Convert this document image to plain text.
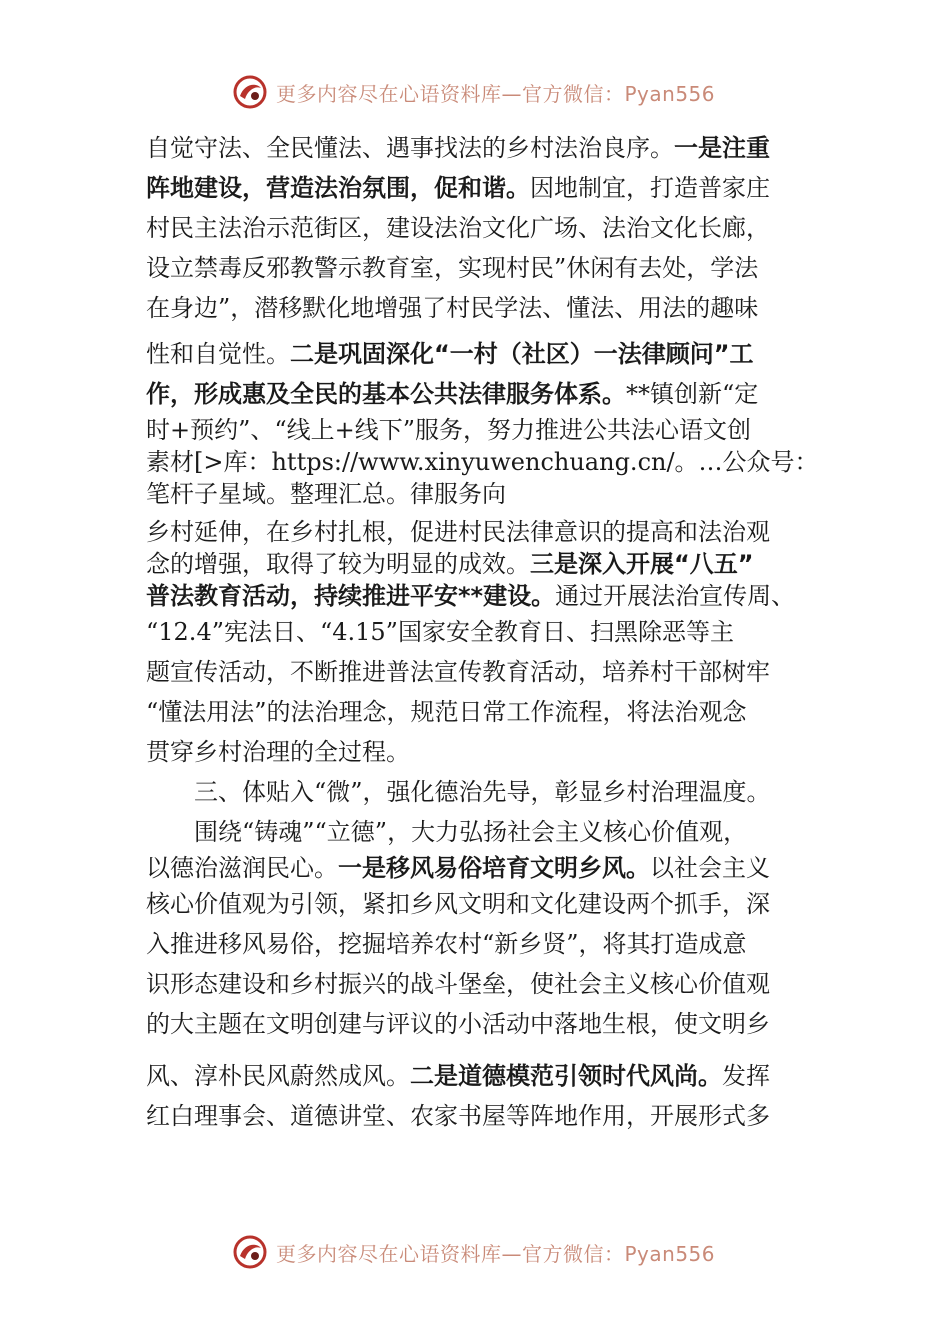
更多内容尽在心语资料库—官方微信：Pyan556
自觉守法、全民懂法、遇事找法的乡村法治良序。一是注重
阵地建设，营造法治氛围，促和谐。因地制宜，打造普家庄
村民主法治示范街区，建设法治文化广场、法治文化长廊，
设立禁毒反邪教警示教育室，实现村民”休闲有去处，学法
在身边”，潜移默化地增强了村民学法、懂法、用法的趣味
性和自觉性。二是巩固深化“一村（社区）一法律顾问”工
作，形成惠及全民的基本公共法律服务体系。**镇创新“定
时+预约”、“线上+线下”服务，努力推进公共法心语文创
素材[>库：https://www.xinyuwenchuang.cn/。…公众号：
笔杆子星域。整理汇总。律服务向
乡村延伸，在乡村扎根，促进村民法律意识的提高和法治观
念的增强，取得了较为明显的成效。三是深入开展“八五”
普法教育活动，持续推进平安**建设。通过开展法治宣传周、
“12.4”宪法日、“4.15”国家安全教育日、扫黑除恶等主
题宣传活动，不断推进普法宣传教育活动，培养村干部树牢
“懂法用法”的法治理念，规范日常工作流程，将法治观念
贯穿乡村治理的全过程。
三、体贴入“微”，强化德治先导，彰显乡村治理温度。
围绕“铸魂”“立德”，大力弘扬社会主义核心价值观，
以德治滋润民心。一是移风易俗培育文明乡风。以社会主义
核心价值观为引领，紧扣乡风文明和文化建设两个抓手，深
入推进移风易俗，挖掘培养农村“新乡贤”，将其打造成意
识形态建设和乡村振兴的战斗堡垒，使社会主义核心价值观
的大主题在文明创建与评议的小活动中落地生根，使文明乡
风、淳朴民风蔚然成风。二是道德模范引领时代风尚。发挥
红白理事会、道德讲堂、农家书屋等阵地作用，开展形式多
更多内容尽在心语资料库—官方微信：Pyan556
